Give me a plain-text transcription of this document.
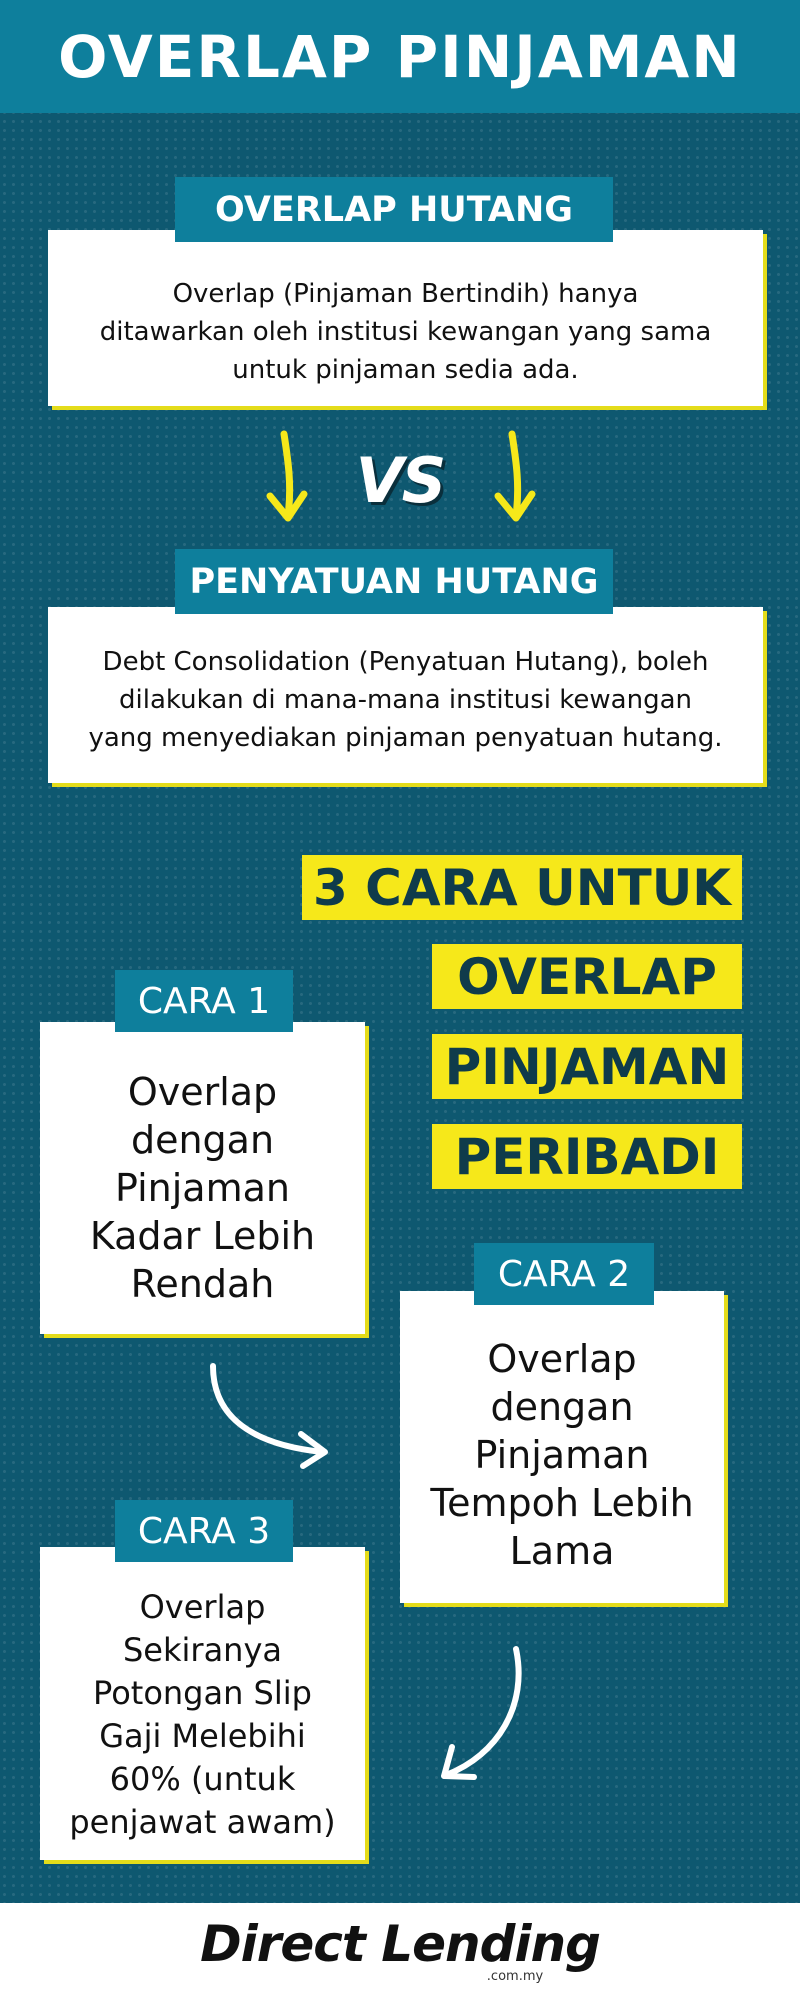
OVERLAP PINJAMAN
Overlap (Pinjaman Bertindih) hanya ditawarkan oleh institusi kewangan yang sama untuk pinjaman sedia ada.
OVERLAP HUTANG
VS
Debt Consolidation (Penyatuan Hutang), boleh dilakukan di mana-mana institusi kewangan yang menyediakan pinjaman penyatuan hutang.
PENYATUAN HUTANG
3 CARA UNTUK
OVERLAP
PINJAMAN
PERIBADI
Overlap dengan Pinjaman Kadar Lebih Rendah
CARA 1
Overlap dengan Pinjaman Tempoh Lebih Lama
CARA 2
Overlap Sekiranya Potongan Slip Gaji Melebihi 60% (untuk penjawat awam)
CARA 3
Direct Lending
.com.my
